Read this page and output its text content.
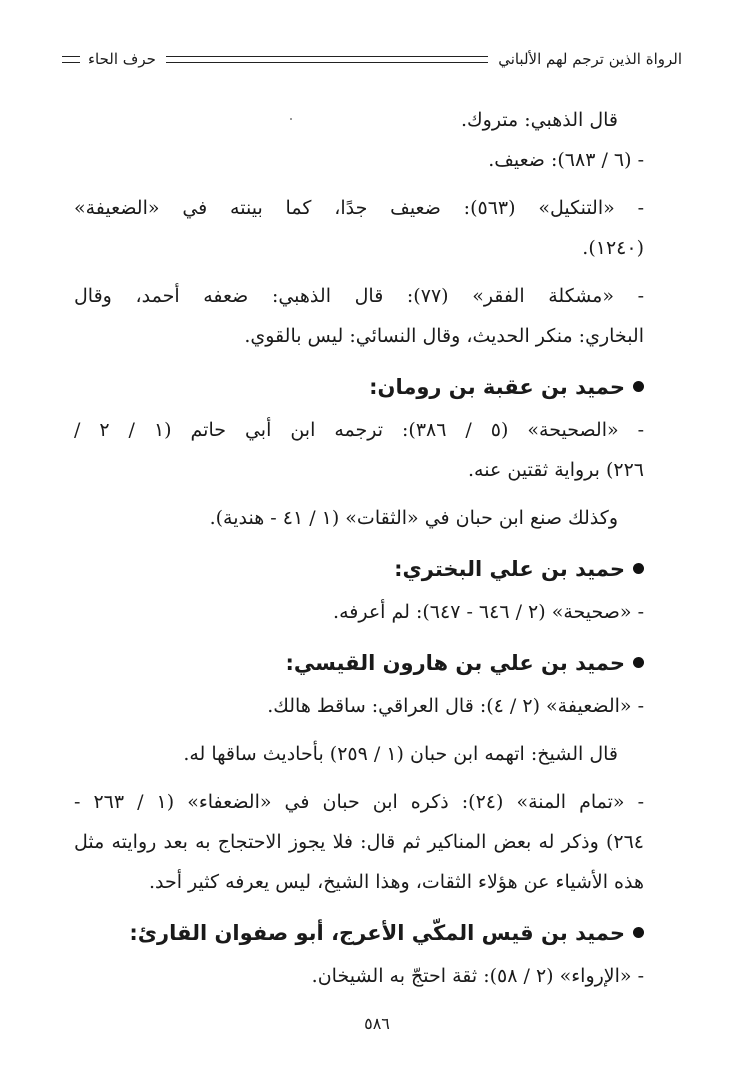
الرواة الذين ترجم لهم الألباني
حرف الحاء
قال الذهبي: متروك.
- (٦ / ٦٨٣): ضعيف.
- «التنكيل» (٥٦٣): ضعيف جدًا، كما بينته في «الضعيفة»
(١٢٤٠).
- «مشكلة الفقر» (٧٧): قال الذهبي: ضعفه أحمد، وقال
البخاري: منكر الحديث، وقال النسائي: ليس بالقوي.
حميد بن عقبة بن رومان:
- «الصحيحة» (٥ / ٣٨٦): ترجمه ابن أبي حاتم (١ / ٢ /
٢٢٦) برواية ثقتين عنه.
وكذلك صنع ابن حبان في «الثقات» (١ / ٤١ - هندية).
حميد بن علي البختري:
- «صحيحة» (٢ / ٦٤٦ - ٦٤٧): لم أعرفه.
حميد بن علي بن هارون القيسي:
- «الضعيفة» (٢ / ٤): قال العراقي: ساقط هالك.
قال الشيخ: اتهمه ابن حبان (١ / ٢٥٩) بأحاديث ساقها له.
- «تمام المنة» (٢٤): ذكره ابن حبان في «الضعفاء» (١ / ٢٦٣ -
٢٦٤) وذكر له بعض المناكير ثم قال: فلا يجوز الاحتجاج به بعد روايته مثل
هذه الأشياء عن هؤلاء الثقات، وهذا الشيخ، ليس يعرفه كثير أحد.
حميد بن قيس المكّي الأعرج، أبو صفوان القارئ:
- «الإرواء» (٢ / ٥٨): ثقة احتجّ به الشيخان.
٥٨٦
